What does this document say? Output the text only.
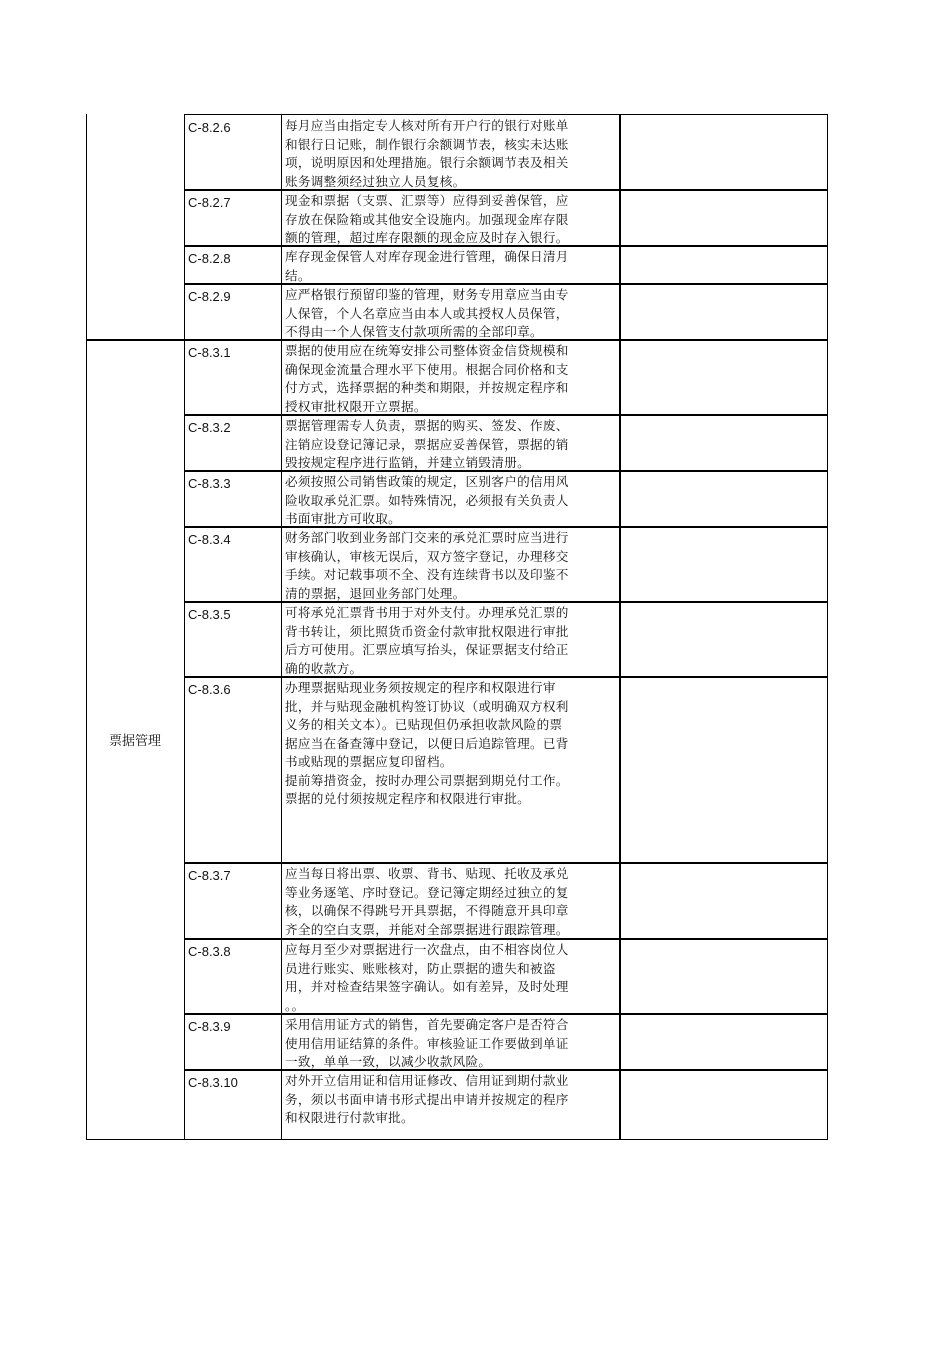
票据管理
C-8.2.6	每月应当由指定专人核对所有开户行的银行对账单
和银行日记账，制作银行余额调节表，核实未达账
项，说明原因和处理措施。银行余额调节表及相关
账务调整须经过独立人员复核。
C-8.2.7	现金和票据（支票、汇票等）应得到妥善保管，应
存放在保险箱或其他安全设施内。加强现金库存限
额的管理，超过库存限额的现金应及时存入银行。
C-8.2.8	库存现金保管人对库存现金进行管理，确保日清月
结。
C-8.2.9	应严格银行预留印鉴的管理，财务专用章应当由专
人保管，个人名章应当由本人或其授权人员保管，
不得由一个人保管支付款项所需的全部印章。
C-8.3.1	票据的使用应在统筹安排公司整体资金信贷规模和
确保现金流量合理水平下使用。根据合同价格和支
付方式，选择票据的种类和期限，并按规定程序和
授权审批权限开立票据。
C-8.3.2	票据管理需专人负责，票据的购买、签发、作废、
注销应设登记簿记录，票据应妥善保管，票据的销
毁按规定程序进行监销，并建立销毁清册。
C-8.3.3	必须按照公司销售政策的规定，区别客户的信用风
险收取承兑汇票。如特殊情况，必须报有关负责人
书面审批方可收取。
C-8.3.4	财务部门收到业务部门交来的承兑汇票时应当进行
审核确认，审核无误后，双方签字登记，办理移交
手续。对记载事项不全、没有连续背书以及印鉴不
清的票据，退回业务部门处理。
C-8.3.5	可将承兑汇票背书用于对外支付。办理承兑汇票的
背书转让，须比照货币资金付款审批权限进行审批
后方可使用。汇票应填写抬头，保证票据支付给正
确的收款方。
C-8.3.6	办理票据贴现业务须按规定的程序和权限进行审
批，并与贴现金融机构签订协议（或明确双方权利
义务的相关文本）。已贴现但仍承担收款风险的票
据应当在备查簿中登记，以便日后追踪管理。已背
书或贴现的票据应复印留档。
提前筹措资金，按时办理公司票据到期兑付工作。
票据的兑付须按规定程序和权限进行审批。
C-8.3.7	应当每日将出票、收票、背书、贴现、托收及承兑
等业务逐笔、序时登记。登记簿定期经过独立的复
核，以确保不得跳号开具票据，不得随意开具印章
齐全的空白支票，并能对全部票据进行跟踪管理。
C-8.3.8	应每月至少对票据进行一次盘点，由不相容岗位人
员进行账实、账账核对，防止票据的遗失和被盗
用，并对检查结果签字确认。如有差异，及时处理
。。
C-8.3.9	采用信用证方式的销售，首先要确定客户是否符合
使用信用证结算的条件。审核验证工作要做到单证
一致，单单一致，以减少收款风险。
C-8.3.10	对外开立信用证和信用证修改、信用证到期付款业
务，须以书面申请书形式提出申请并按规定的程序
和权限进行付款审批。
